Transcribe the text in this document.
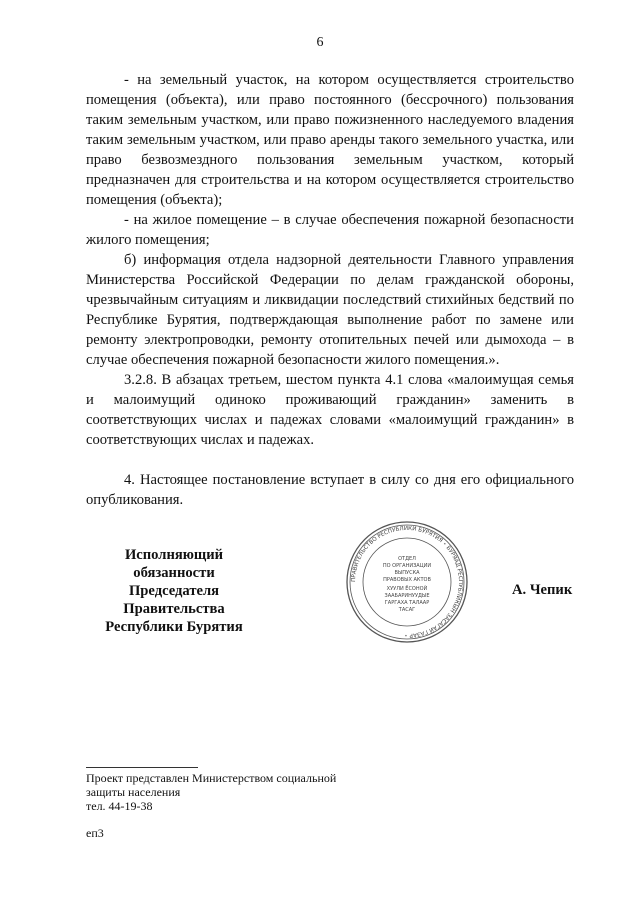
6

- на земельный участок, на котором осуществляется строительство помещения (объекта), или право постоянного (бессрочного) пользования таким земельным участком, или право пожизненного наследуемого владения таким земельным участком, или право аренды такого земельного участка, или право безвозмездного пользования земельным участком, который предназначен для строительства и на котором осуществляется строительство помещения (объекта);

- на жилое помещение – в случае обеспечения пожарной безопасности жилого помещения;

б) информация отдела надзорной деятельности Главного управления Министерства Российской Федерации по делам гражданской обороны, чрезвычайным ситуациям и ликвидации последствий стихийных бедствий по Республике Бурятия, подтверждающая выполнение работ по замене или ремонту электропроводки, ремонту отопительных печей или дымохода – в случае обеспечения пожарной безопасности жилого помещения.».

3.2.8. В абзацах третьем, шестом пункта 4.1 слова «малоимущая семья и малоимущий одиноко проживающий гражданин» заменить в соответствующих числах и падежах словами «малоимущий гражданин» в соответствующих числах и падежах.

4. Настоящее постановление вступает в силу со дня его официального опубликования.

Исполняющий обязанности
Председателя Правительства
Республики Бурятия
ПРАВИТЕЛЬСТВО РЕСПУБЛИКИ БУРЯТИЯ ⋆ БУРЯАД РЕСПУБЛИКЫН ЗАСАГАЙ ГАЗАР ⋆
ОТДЕЛ
ПО ОРГАНИЗАЦИИ
ВЫПУСКА
ПРАВОВЫХ АКТОВ
ХУУЛИ ЁСОНОЙ
ЗААБАРИНУУДЫЕ
ГАРГАХА ТАЛААР
ТАСАГ
А. Чепик
Проект представлен Министерством социальной
защиты населения
тел. 44-19-38
еп3
